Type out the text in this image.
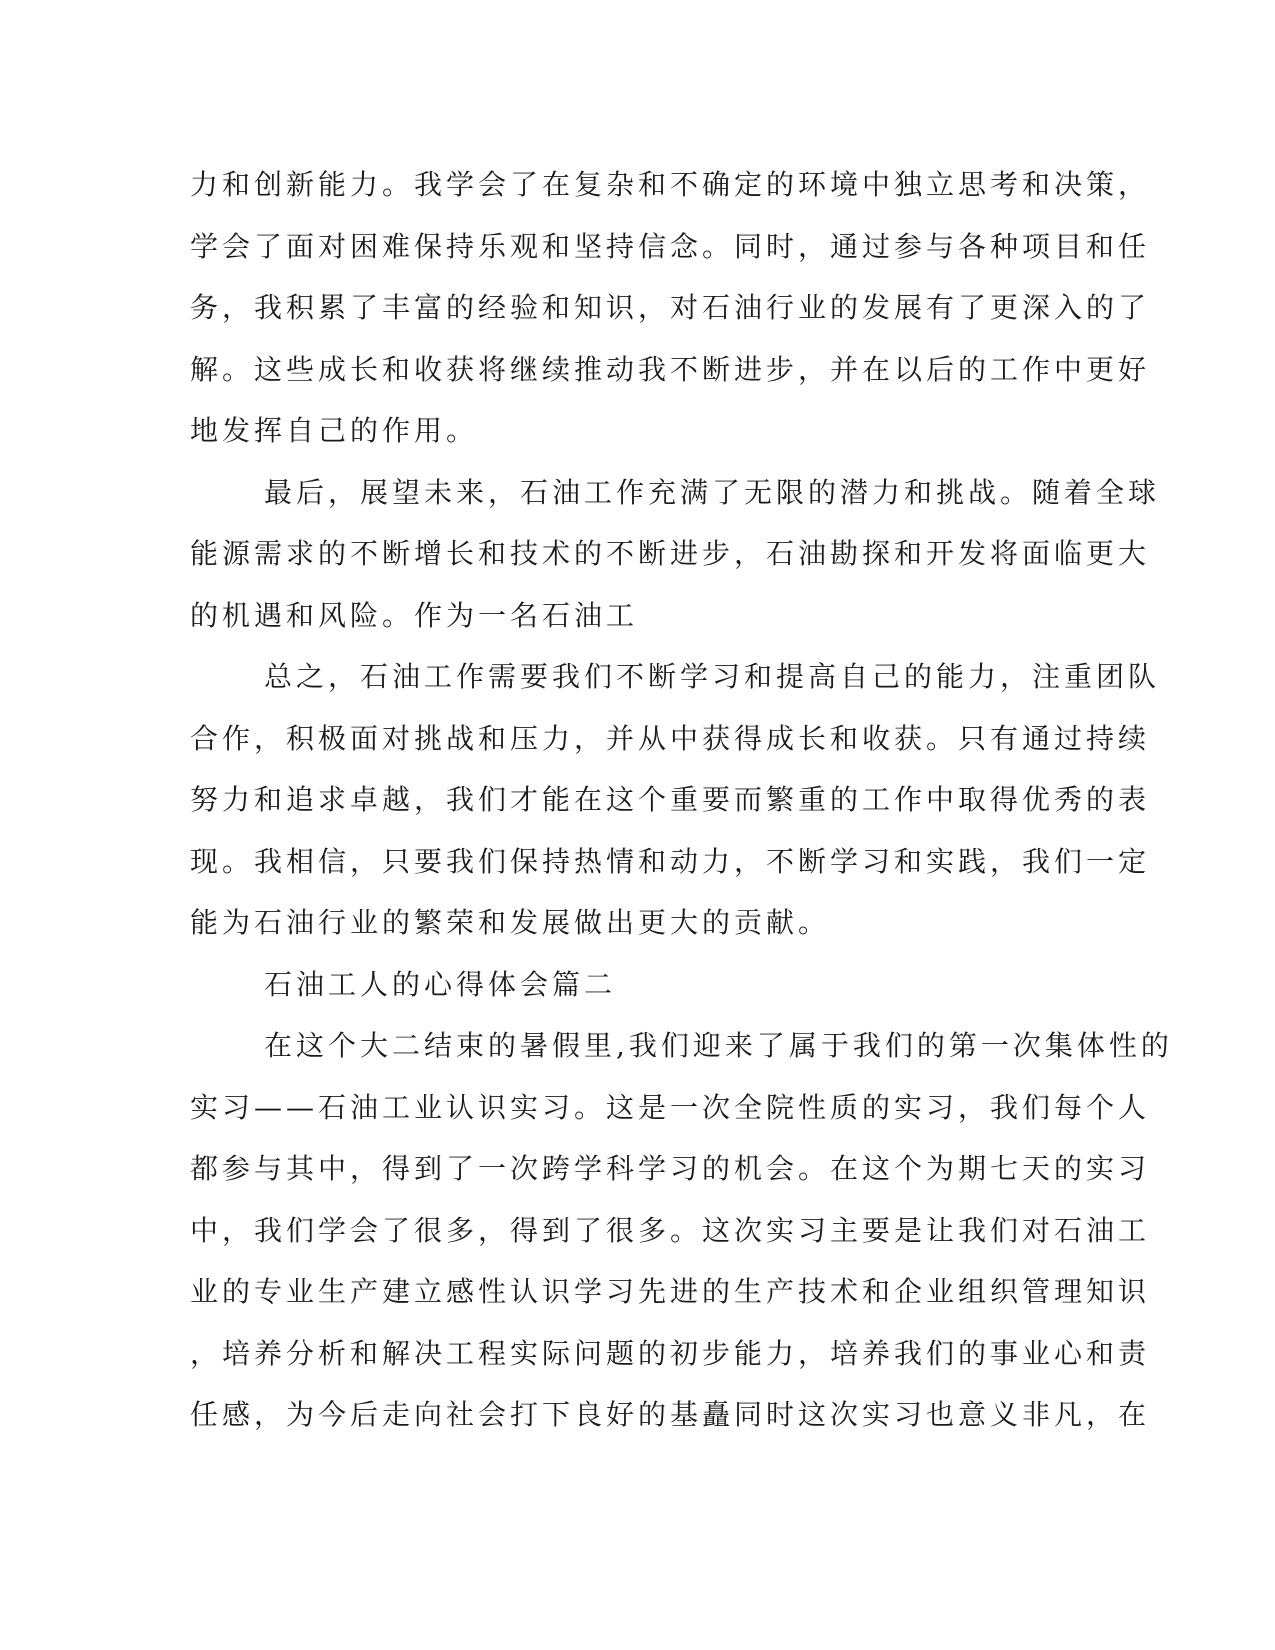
力和创新能力。我学会了在复杂和不确定的环境中独立思考和决策，
学会了面对困难保持乐观和坚持信念。同时，通过参与各种项目和任
务，我积累了丰富的经验和知识，对石油行业的发展有了更深入的了
解。这些成长和收获将继续推动我不断进步，并在以后的工作中更好
地发挥自己的作用。
最后，展望未来，石油工作充满了无限的潜力和挑战。随着全球
能源需求的不断增长和技术的不断进步，石油勘探和开发将面临更大
的机遇和风险。作为一名石油工
总之，石油工作需要我们不断学习和提高自己的能力，注重团队
合作，积极面对挑战和压力，并从中获得成长和收获。只有通过持续
努力和追求卓越，我们才能在这个重要而繁重的工作中取得优秀的表
现。我相信，只要我们保持热情和动力，不断学习和实践，我们一定
能为石油行业的繁荣和发展做出更大的贡献。
石油工人的心得体会篇二
在这个大二结束的暑假里,我们迎来了属于我们的第一次集体性的
实习——石油工业认识实习。这是一次全院性质的实习，我们每个人
都参与其中，得到了一次跨学科学习的机会。在这个为期七天的实习
中，我们学会了很多，得到了很多。这次实习主要是让我们对石油工
业的专业生产建立感性认识学习先进的生产技术和企业组织管理知识
，培养分析和解决工程实际问题的初步能力，培养我们的事业心和责
任感，为今后走向社会打下良好的基矗同时这次实习也意义非凡，在
